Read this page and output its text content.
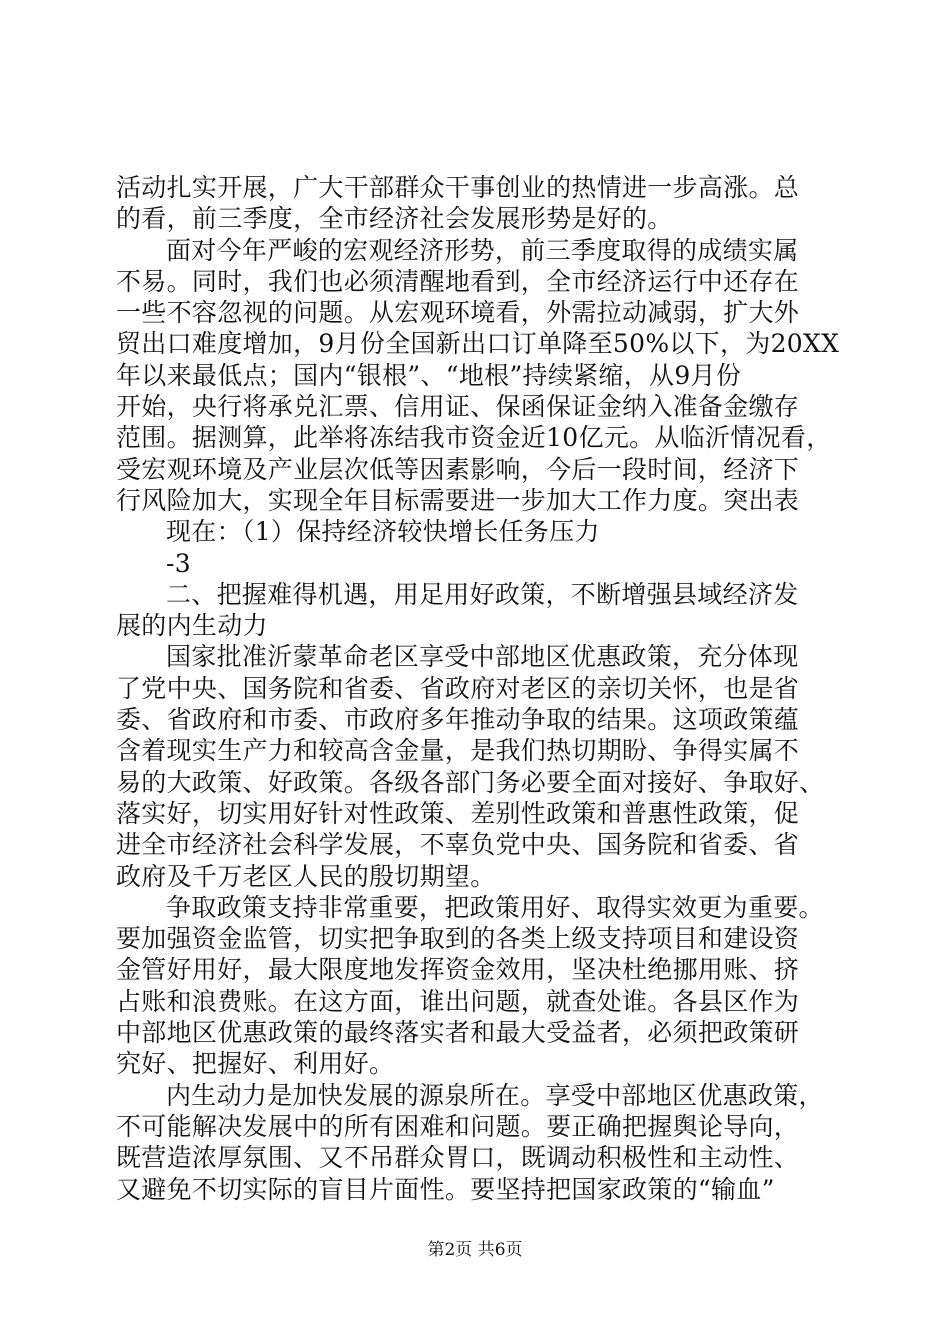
活动扎实开展，广大干部群众干事创业的热情进一步高涨。总
的看，前三季度，全市经济社会发展形势是好的。
面对今年严峻的宏观经济形势，前三季度取得的成绩实属
不易。同时，我们也必须清醒地看到，全市经济运行中还存在
一些不容忽视的问题。从宏观环境看，外需拉动减弱，扩大外
贸出口难度增加，9月份全国新出口订单降至50%以下，为20XX
年以来最低点；国内“银根”、“地根”持续紧缩，从9月份
开始，央行将承兑汇票、信用证、保函保证金纳入准备金缴存
范围。据测算，此举将冻结我市资金近10亿元。从临沂情况看，
受宏观环境及产业层次低等因素影响，今后一段时间，经济下
行风险加大，实现全年目标需要进一步加大工作力度。突出表
现在：（1）保持经济较快增长任务压力
-3
二、把握难得机遇，用足用好政策，不断增强县域经济发
展的内生动力
国家批准沂蒙革命老区享受中部地区优惠政策，充分体现
了党中央、国务院和省委、省政府对老区的亲切关怀，也是省
委、省政府和市委、市政府多年推动争取的结果。这项政策蕴
含着现实生产力和较高含金量，是我们热切期盼、争得实属不
易的大政策、好政策。各级各部门务必要全面对接好、争取好、
落实好，切实用好针对性政策、差别性政策和普惠性政策，促
进全市经济社会科学发展，不辜负党中央、国务院和省委、省
政府及千万老区人民的殷切期望。
争取政策支持非常重要，把政策用好、取得实效更为重要。
要加强资金监管，切实把争取到的各类上级支持项目和建设资
金管好用好，最大限度地发挥资金效用，坚决杜绝挪用账、挤
占账和浪费账。在这方面，谁出问题，就查处谁。各县区作为
中部地区优惠政策的最终落实者和最大受益者，必须把政策研
究好、把握好、利用好。
内生动力是加快发展的源泉所在。享受中部地区优惠政策，
不可能解决发展中的所有困难和问题。要正确把握舆论导向，
既营造浓厚氛围、又不吊群众胃口，既调动积极性和主动性、
又避免不切实际的盲目片面性。要坚持把国家政策的“输血”
第2页 共6页
